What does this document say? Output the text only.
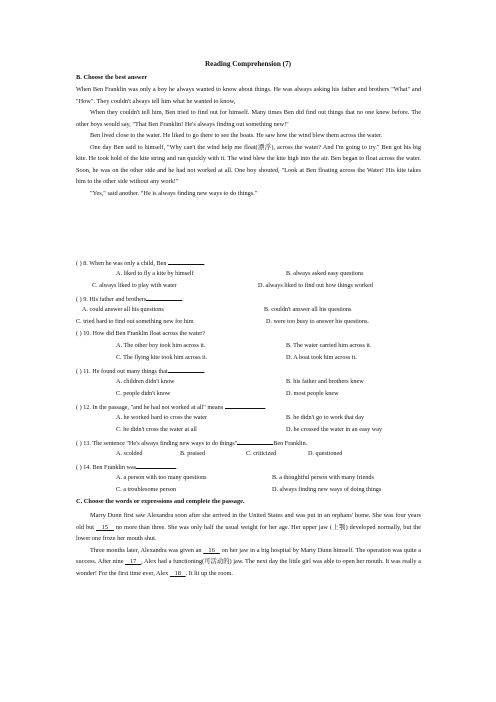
Reading Comprehension (7)
B. Choose the best answer

When Ben Franklin was only a boy he always wanted to know about things. He was always asking his father and brothers "What" and "How". They couldn't always tell him what he wanted to know,

When they couldn't tell him, Ben tried to find out for himself. Many times Ben did find out things that no one knew before. The other boys would say, "That Ben Franklin! He's always finding out something new!"

Ben lived close to the water. He liked to go there to see the boats. He saw how the wind blew them across the water.

One day Ben said to himself, "Why can't the wind help me float(漂浮), across the water? And I'm going to try." Ben got his big kite. He took hold of the kite string and ran quickly with it. The wind blew the kite high into the air. Ben began to float across the water. Soon, he was on the other side and he had not worked at all. One boy shouted, "Look at Ben floating across the Water! His kite takes him to the other side without any work!"

"Yes," said another. "He is always finding new ways to do things."

( ) 8. When he was only a child, Ben	.
A. liked to fly a kite by himself	B. always asked easy questions
C. always liked to play with water	D. always liked to find out how things worked
( ) 9. His father and brothers	.
A. could answer all his questions	B. couldn't answer all his questions
C. tried hard to find out something new for him	D. were too busy to answer his questions.
( ) 10. How did Ben Franklin float across the water?
A. The other boy took him across it.	B. The water carried him across it.
C. The flying kite took him across it.	D. A boat took him across it.
( ) 11. He found out many things that	.
A. children didn't know	B. his father and brothers knew
C. people didn't know	D. most people knew
( ) 12. In the passage, "and he had not worked at all" means	.
A. he worked hard to cross the water	B. he didn't go to work that day
C. he didn't cross the water at all	D. he crossed the water in an easy way
( ) 13. The sentence "He's always finding new ways to do things"	Ben Franklin.
A. scolded	B. praised	C. criticized	D. questioned
( ) 14. Ben Franklin was	.
A. a person with too many questions	B. a thoughtful person with many friends
C. a troublesome person	D. always finding new ways of doing things
C. Choose the words or expressions and complete the passage.

Marry Dunn first saw Alexandra soon after she arrived in the United States and was put in an orphans' home. She was four years old but 15 no more than three. She was only half the usual weight for her age. Her upper jaw (上颚) developed normally, but the lower one froze her mouth shut.

Three months later, Alexandra was given an 16 on her jaw in a big hospital by Marty Dunn himself. The operation was quite a success. After nine 17 , Alex had a functioning(可活动的) jaw. The next day the little girl was able to open her mouth. It was really a wonder! For the first time ever, Alex 18 . It lit up the room.
